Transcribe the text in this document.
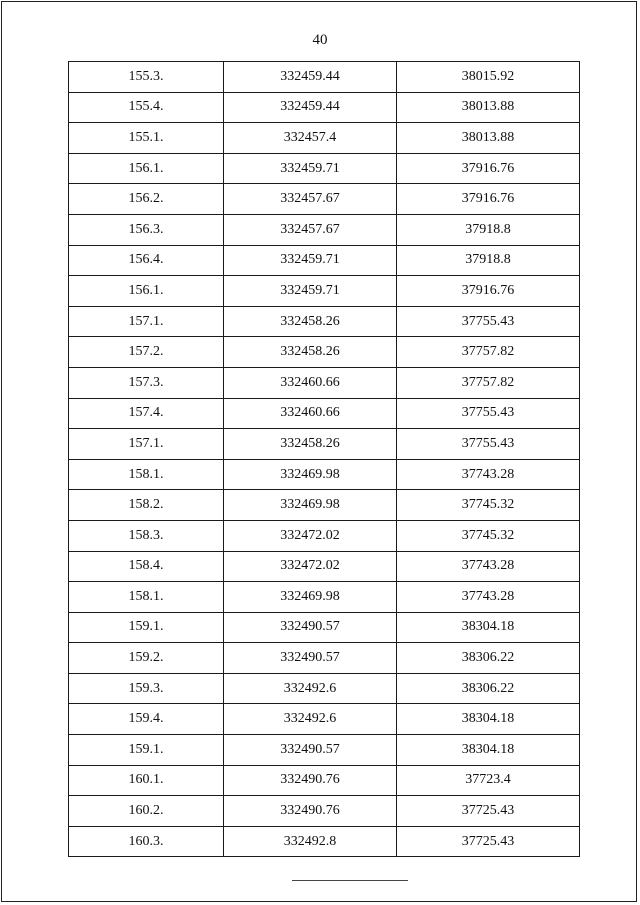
40
155.3.	332459.44	38015.92
155.4.	332459.44	38013.88
155.1.	332457.4	38013.88
156.1.	332459.71	37916.76
156.2.	332457.67	37916.76
156.3.	332457.67	37918.8
156.4.	332459.71	37918.8
156.1.	332459.71	37916.76
157.1.	332458.26	37755.43
157.2.	332458.26	37757.82
157.3.	332460.66	37757.82
157.4.	332460.66	37755.43
157.1.	332458.26	37755.43
158.1.	332469.98	37743.28
158.2.	332469.98	37745.32
158.3.	332472.02	37745.32
158.4.	332472.02	37743.28
158.1.	332469.98	37743.28
159.1.	332490.57	38304.18
159.2.	332490.57	38306.22
159.3.	332492.6	38306.22
159.4.	332492.6	38304.18
159.1.	332490.57	38304.18
160.1.	332490.76	37723.4
160.2.	332490.76	37725.43
160.3.	332492.8	37725.43
